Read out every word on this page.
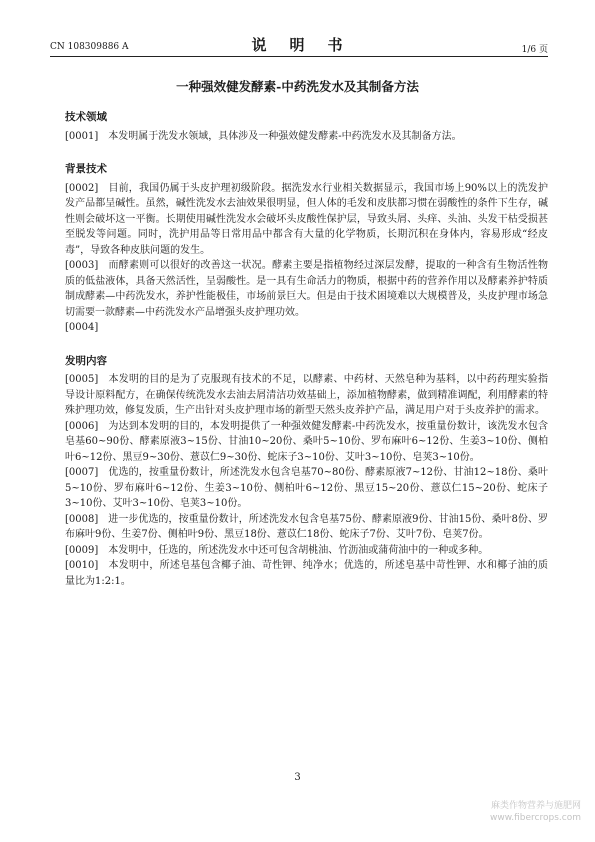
CN 108309886 A	说　明　书	1/6 页
一种强效健发酵素-中药洗发水及其制备方法
技术领域

[0001] 本发明属于洗发水领域，具体涉及一种强效健发酵素-中药洗发水及其制备方法。

背景技术

[0002] 目前，我国仍属于头皮护理初级阶段。据洗发水行业相关数据显示，我国市场上90%以上的洗发护发产品都呈碱性。虽然，碱性洗发水去油效果很明显，但人体的毛发和皮肤都习惯在弱酸性的条件下生存，碱性则会破坏这一平衡。长期使用碱性洗发水会破坏头皮酸性保护层，导致头屑、头痒、头油、头发干枯受损甚至脱发等问题。同时，洗护用品等日常用品中都含有大量的化学物质，长期沉积在身体内，容易形成“经皮毒”，导致各种皮肤问题的发生。

[0003] 而酵素则可以很好的改善这一状况。酵素主要是指植物经过深层发酵，提取的一种含有生物活性物质的低盐液体，具备天然活性，呈弱酸性。是一具有生命活力的物质，根据中药的营养作用以及酵素养护特质制成酵素—中药洗发水，养护性能极佳，市场前景巨大。但是由于技术困境难以大规模普及，头皮护理市场急切需要一款酵素—中药洗发水产品增强头皮护理功效。

[0004]

发明内容

[0005] 本发明的目的是为了克服现有技术的不足，以酵素、中药材、天然皂种为基料，以中药药理实验指导设计原料配方，在确保传统洗发水去油去屑清洁功效基础上，添加植物酵素，做到精准调配，利用酵素的特殊护理功效，修复发质，生产出针对头皮护理市场的新型天然头皮养护产品，满足用户对于头皮养护的需求。

[0006] 为达到本发明的目的，本发明提供了一种强效健发酵素-中药洗发水，按重量份数计，该洗发水包含皂基60~90份、酵素原液3~15份、甘油10~20份、桑叶5~10份、罗布麻叶6~12份、生姜3~10份、侧柏叶6~12份、黑豆9~30份、薏苡仁9~30份、蛇床子3~10份、艾叶3~10份、皂荚3~10份。

[0007] 优选的，按重量份数计，所述洗发水包含皂基70~80份、酵素原液7~12份、甘油12~18份、桑叶5~10份、罗布麻叶6~12份、生姜3~10份、侧柏叶6~12份、黑豆15~20份、薏苡仁15~20份、蛇床子3~10份、艾叶3~10份、皂荚3~10份。

[0008] 进一步优选的，按重量份数计，所述洗发水包含皂基75份、酵素原液9份、甘油15份、桑叶8份、罗布麻叶9份、生姜7份、侧柏叶9份、黑豆18份、薏苡仁18份、蛇床子7份、艾叶7份、皂荚7份。

[0009] 本发明中，任选的，所述洗发水中还可包含胡桃油、竹沥油或蒲荷油中的一种或多种。

[0010] 本发明中，所述皂基包含椰子油、苛性钾、纯净水；优选的，所述皂基中苛性钾、水和椰子油的质量比为1:2:1。

3
麻类作物营养与施肥网
www.fibercrops.com
